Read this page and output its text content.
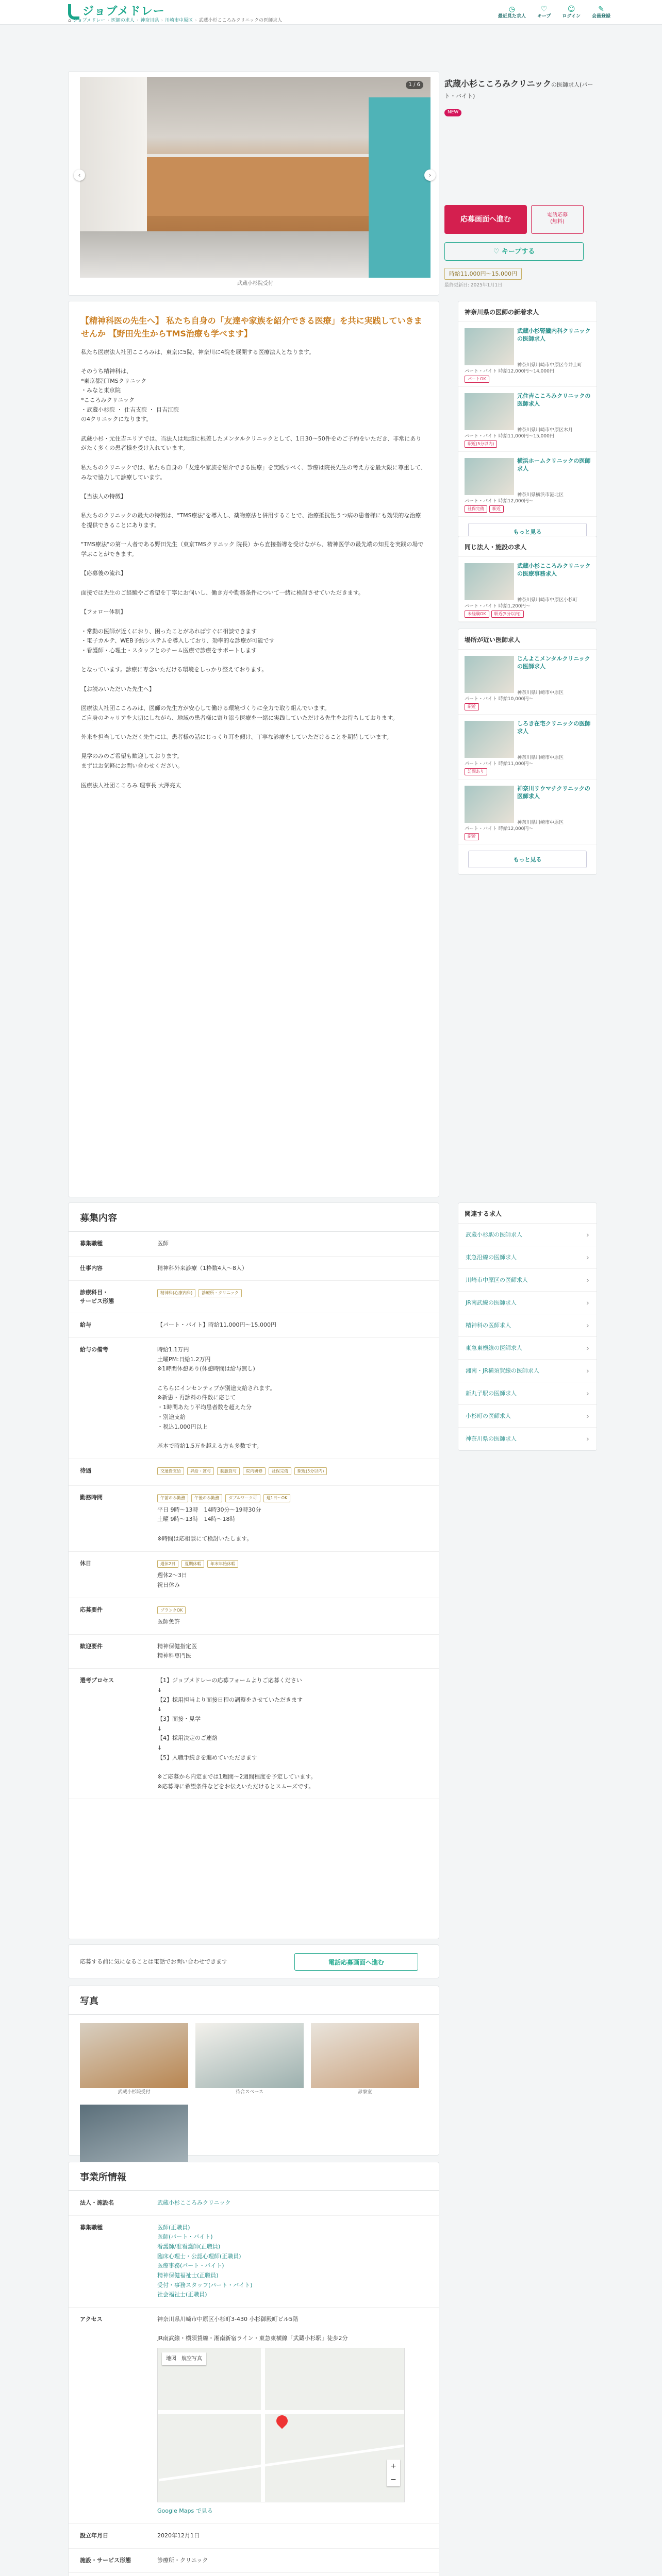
ジョブメドレー
⌂ ジョブメドレー › 医師の求人 › 神奈川県 › 川崎市中原区 › 武蔵小杉こころみクリニックの医師求人
◷
最近見た求人
♡
キープ
☺
ログイン
✎
会員登録
1 / 6
‹	›
武蔵小杉院受付
武蔵小杉こころみクリニックの医師求人(パート・バイト)
NEW
応募画面へ進む
電話応募
(無料)
♡ キープする
時給11,000円〜15,000円
最終更新日: 2025年1月1日
【精神科医の先生へ】 私たち自身の「友達や家族を紹介できる医療」を共に実践していきませんか 【野田先生からTMS治療も学べます】

私たち医療法人社団こころみは、東京に5院、神奈川に4院を展開する医療法人となります。

そのうち精神科は、
*東京都江TMSクリニック
・みなと東京院
*こころみクリニック
・武蔵小杉院 ・ 仕吉支院 ・ 目吉江院
の4クリニックになります。

武蔵小杉・元住吉エリアでは、当法人は地域に根差したメンタルクリニックとして、1日30〜50件をのご予約をいただき、非常にありがたく多くの患者様を受け入れています。

私たちのクリニックでは、私たち自身の「友達や家族を紹介できる医療」を実践すべく、診療は院長先生の考え方を最大限に尊重して、みなで協力して診療しています。

【当法人の特徴】

私たちのクリニックの最大の特徴は、"TMS療法"を導入し、薬物療法と併用することで、治療抵抗性うつ病の患者様にも効果的な治療を提供できることにあります。

"TMS療法"の第一人者である野田先生（東京TMSクリニック 院長）から直接指導を受けながら、精神医学の最先端の知見を実践の場で学ぶことができます。

【応募後の流れ】

面接では先生のご経験やご希望を丁寧にお伺いし、働き方や勤務条件について一緒に検討させていただきます。

【フォロー体制】

・常勤の医師が近くにおり、困ったことがあればすぐに相談できます
・電子カルテ、WEB予約システムを導入しており、効率的な診療が可能です
・看護師・心理士・スタッフとのチーム医療で診療をサポートします

となっています。診療に専念いただける環境をしっかり整えております。

【お読みいただいた先生へ】

医療法人社団こころみは、医師の先生方が安心して働ける環境づくりに全力で取り組んでいます。
ご自身のキャリアを大切にしながら、地域の患者様に寄り添う医療を一緒に実践していただける先生をお待ちしております。

外来を担当していただく先生には、患者様の話にじっくり耳を傾け、丁寧な診療をしていただけることを期待しています。

見学のみのご希望も歓迎しております。
まずはお気軽にお問い合わせください。

医療法人社団こころみ 理事長 大澤亮太

募集内容
募集職種	医師
仕事内容	精神科外来診療（1枠数4人〜8人）
診療科目・
サービス形態
精神科(心療内科)	診療所・クリニック
給与	【パート・バイト】時給11,000円〜15,000円
給与の備考	時給1.1万円
土曜PM:日給1.2万円
※1時間休憩あり(休憩時間は給与無し)

こちらにインセンティブが別途支給されます。
※新患・再診料の件数に応じて
・1時間あたり平均患者数を超えた分
・別途支給
・税込1,000円以上

基本で時給1.5万を越える方も多数です。
待遇	交通費支給	昇給・賞与	制服貸与	院内研修	社保完備	駅近(5分以内)
勤務時間	午前のみ勤務	午後のみ勤務	ダブルワーク可	週1日〜OK
平日 9時〜13時　14時30分〜19時30分
土曜 9時〜13時　14時〜18時

※時間は応相談にて検討いたします。
休日	週休2日	夏期休暇	年末年始休暇
週休2〜3日
祝日休み
応募要件	ブランクOK
医師免許
歓迎要件	精神保健指定医
精神科専門医
選考プロセス	【1】ジョブメドレーの応募フォームよりご応募ください
↓
【2】採用担当より面接日程の調整をさせていただきます
↓
【3】面接・見学
↓
【4】採用決定のご連絡
↓
【5】入職手続きを進めていただきます

※ご応募から内定までは1週間〜2週間程度を予定しています。
※応募時に希望条件などをお伝えいただけるとスムーズです。
応募する前に気になることは電話でお問い合わせできます	電話応募画面へ進む
写真
武蔵小杉院受付	待合スペース	診察室
事業所情報
法人・施設名	武蔵小杉こころみクリニック
募集職種	医師(正職員)
医師(パート・バイト)
看護師/准看護師(正職員)
臨床心理士・公認心理師(正職員)
医療事務(パート・バイト)
精神保健福祉士(正職員)
受付・事務スタッフ(パート・バイト)
社会福祉士(正職員)
アクセス	神奈川県川崎市中原区小杉町3-430 小杉御殿町ビル5階

JR南武線・横須賀線・湘南新宿ライン・東急東横線「武蔵小杉駅」徒歩2分
+
−
地図　航空写真
Google Maps で見る
設立年月日	2020年12月1日
施設・サービス形態	診療所・クリニック
神奈川県の医師の新着求人
武蔵小杉腎臓内科クリニックの医師求人
パート・バイト 時給12,000円〜14,000円
神奈川県川崎市中原区今井上町
パートOK
元住吉こころみクリニックの医師求人
パート・バイト 時給11,000円〜15,000円
神奈川県川崎市中原区木月
駅近(5分以内)
横浜ホームクリニックの医師求人
パート・バイト 時給12,000円〜
神奈川県横浜市港北区
社保完備	駅近
もっと見る
同じ法人・施設の求人
武蔵小杉こころみクリニックの医療事務求人
パート・バイト 時給1,200円〜
神奈川県川崎市中原区小杉町
未経験OK	駅近(5分以内)
場所が近い医師求人
じんよこメンタルクリニックの医師求人
パート・バイト 時給10,000円〜
神奈川県川崎市中原区
駅近
しろき在宅クリニックの医師求人
パート・バイト 時給11,000円〜
神奈川県川崎市中原区
訪問あり
神奈川リウマチクリニックの医師求人
パート・バイト 時給12,000円〜
神奈川県川崎市中原区
駅近
もっと見る
関連する求人
武蔵小杉駅の医師求人 ›
東急沿線の医師求人 ›
川崎市中原区の医師求人 ›
JR南武線の医師求人 ›
精神科の医師求人 ›
東急東横線の医師求人 ›
湘南・JR横須賀線の医師求人 ›
新丸子駅の医師求人 ›
小杉町の医師求人 ›
神奈川県の医師求人 ›
